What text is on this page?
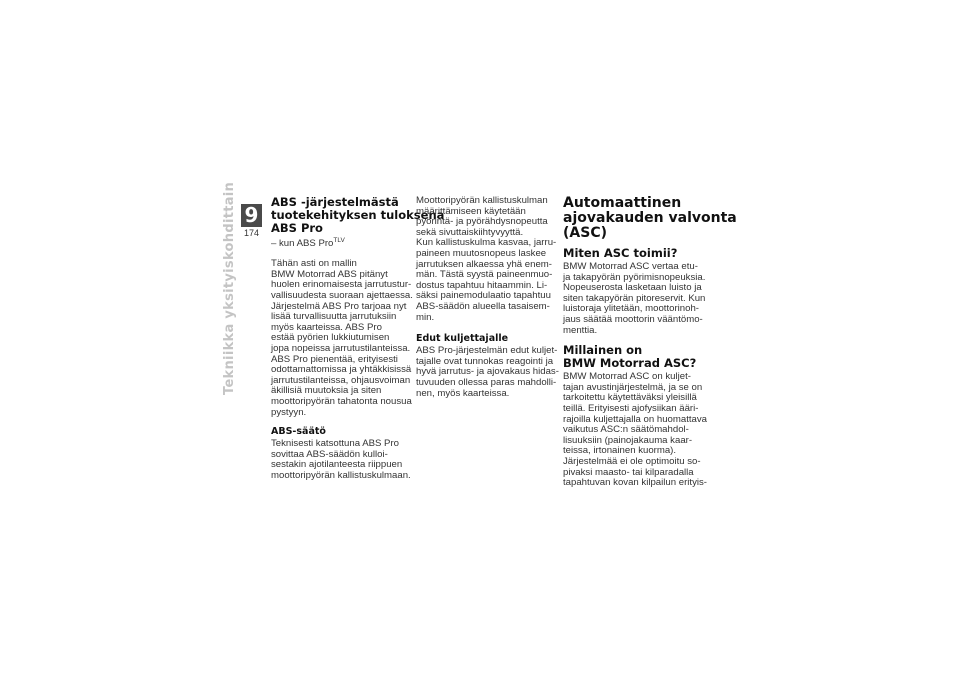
Tekniikka yksityiskohdittain 9
174
ABS -järjestelmästä
tuotekehityksen tuloksena
ABS Pro
– kun ABS Pro$^{TLV}$
Tähän asti on mallin
BMW Motorrad ABS pitänyt
huolen erinomaisesta jarrutustur-
vallisuudesta suoraan ajettaessa.
Järjestelmä ABS Pro tarjoaa nyt
lisää turvallisuutta jarrutuksiin
myös kaarteissa. ABS Pro
estää pyörien lukkiutumisen
jopa nopeissa jarrutustilanteissa.
ABS Pro pienentää, erityisesti
odottamattomissa ja yhtäkkisissä
jarrutustilanteissa, ohjausvoiman
äkillisiä muutoksia ja siten
moottoripyörän tahatonta nousua
pystyyn.
ABS-säätö
Teknisesti katsottuna ABS Pro
sovittaa ABS-säädön kulloi-
sestakin ajotilanteesta riippuen
moottoripyörän kallistuskulmaan.
Moottoripyörän kallistuskulman
määrittämiseen käytetään
pyörintä- ja pyörähdysnopeutta
sekä sivuttaiskiihtyvyyttä.
Kun kallistuskulma kasvaa, jarru-
paineen muutosnopeus laskee
jarrutuksen alkaessa yhä enem-
män. Tästä syystä paineenmuo-
dostus tapahtuu hitaammin. Li-
säksi painemodulaatio tapahtuu
ABS-säädön alueella tasaisem-
min.
Edut kuljettajalle
ABS Pro-järjestelmän edut kuljet-
tajalle ovat tunnokas reagointi ja
hyvä jarrutus- ja ajovakaus hidas-
tuvuuden ollessa paras mahdolli-
nen, myös kaarteissa.
Automaattinen
ajovakauden valvonta
(ASC)
Miten ASC toimii?
BMW Motorrad ASC vertaa etu-
ja takapyörän pyörimisnopeuksia.
Nopeuserosta lasketaan luisto ja
siten takapyörän pitoreservit. Kun
luistoraja ylitetään, moottorinoh-
jaus säätää moottorin vääntömo-
menttia.
Millainen on
BMW Motorrad ASC?
BMW Motorrad ASC on kuljet-
tajan avustinjärjestelmä, ja se on
tarkoitettu käytettäväksi yleisillä
teillä. Erityisesti ajofysiikan ääri-
rajoilla kuljettajalla on huomattava
vaikutus ASC:n säätömahdol-
lisuuksiin (painojakauma kaar-
teissa, irtonainen kuorma).
Järjestelmää ei ole optimoitu so-
pivaksi maasto- tai kilparadalla
tapahtuvan kovan kilpailun erityis-
